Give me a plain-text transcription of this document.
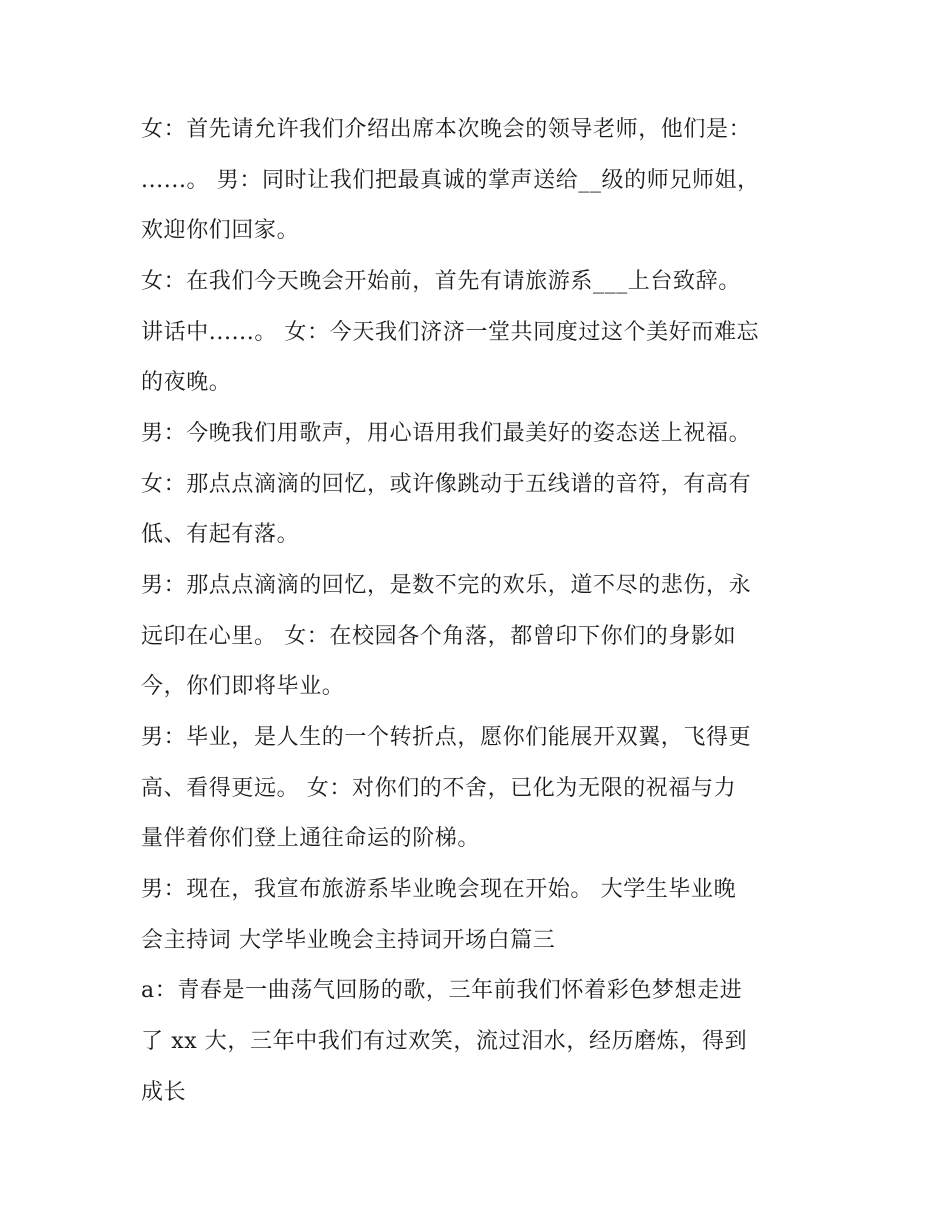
女：首先请允许我们介绍出席本次晚会的领导老师，他们是：
......。 男：同时让我们把最真诚的掌声送给__级的师兄师姐，
欢迎你们回家。
女：在我们今天晚会开始前，首先有请旅游系___上台致辞。
讲话中......。 女：今天我们济济一堂共同度过这个美好而难忘
的夜晚。
男：今晚我们用歌声，用心语用我们最美好的姿态送上祝福。
女：那点点滴滴的回忆，或许像跳动于五线谱的音符，有高有
低、有起有落。
男：那点点滴滴的回忆，是数不完的欢乐，道不尽的悲伤，永
远印在心里。 女：在校园各个角落，都曾印下你们的身影如
今，你们即将毕业。
男：毕业，是人生的一个转折点，愿你们能展开双翼，飞得更
高、看得更远。 女：对你们的不舍，已化为无限的祝福与力
量伴着你们登上通往命运的阶梯。
男：现在，我宣布旅游系毕业晚会现在开始。 大学生毕业晚
会主持词 大学毕业晚会主持词开场白篇三
a：青春是一曲荡气回肠的歌，三年前我们怀着彩色梦想走进
了 xx 大，三年中我们有过欢笑，流过泪水，经历磨炼，得到
成长
